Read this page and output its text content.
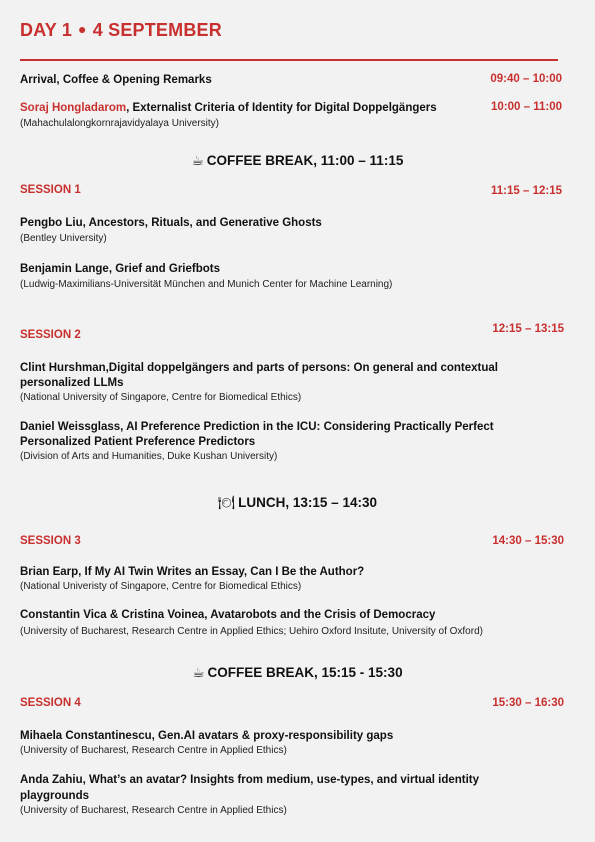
DAY 1 ● 4 SEPTEMBER
Arrival, Coffee & Opening Remarks	09:40 – 10:00
Soraj Hongladarom, Externalist Criteria of Identity for Digital Doppelgängers	10:00 – 11:00
(Mahachulalongkornrajavidyalaya University)
☕ COFFEE BREAK, 11:00 – 11:15
SESSION 1	11:15 – 12:15
Pengbo Liu, Ancestors, Rituals, and Generative Ghosts
(Bentley University)
Benjamin Lange, Grief and Griefbots
(Ludwig-Maximilians-Universität München and Munich Center for Machine Learning)
SESSION 2	12:15 – 13:15
Clint Hurshman,Digital doppelgängers and parts of persons: On general and contextual
personalized LLMs
(National University of Singapore, Centre for Biomedical Ethics)
Daniel Weissglass, AI Preference Prediction in the ICU: Considering Practically Perfect
Personalized Patient Preference Predictors
(Division of Arts and Humanities, Duke Kushan University)
🍽 LUNCH, 13:15 – 14:30
SESSION 3	14:30 – 15:30
Brian Earp, If My AI Twin Writes an Essay, Can I Be the Author?
(National Univeristy of Singapore, Centre for Biomedical Ethics)
Constantin Vica & Cristina Voinea, Avatarobots and the Crisis of Democracy
(University of Bucharest, Research Centre in Applied Ethics; Uehiro Oxford Insitute, University of Oxford)
☕ COFFEE BREAK, 15:15 - 15:30
SESSION 4	15:30 – 16:30
Mihaela Constantinescu, Gen.AI avatars & proxy-responsibility gaps
(University of Bucharest, Research Centre in Applied Ethics)
Anda Zahiu, What’s an avatar? Insights from medium, use-types, and virtual identity
playgrounds
(University of Bucharest, Research Centre in Applied Ethics)
